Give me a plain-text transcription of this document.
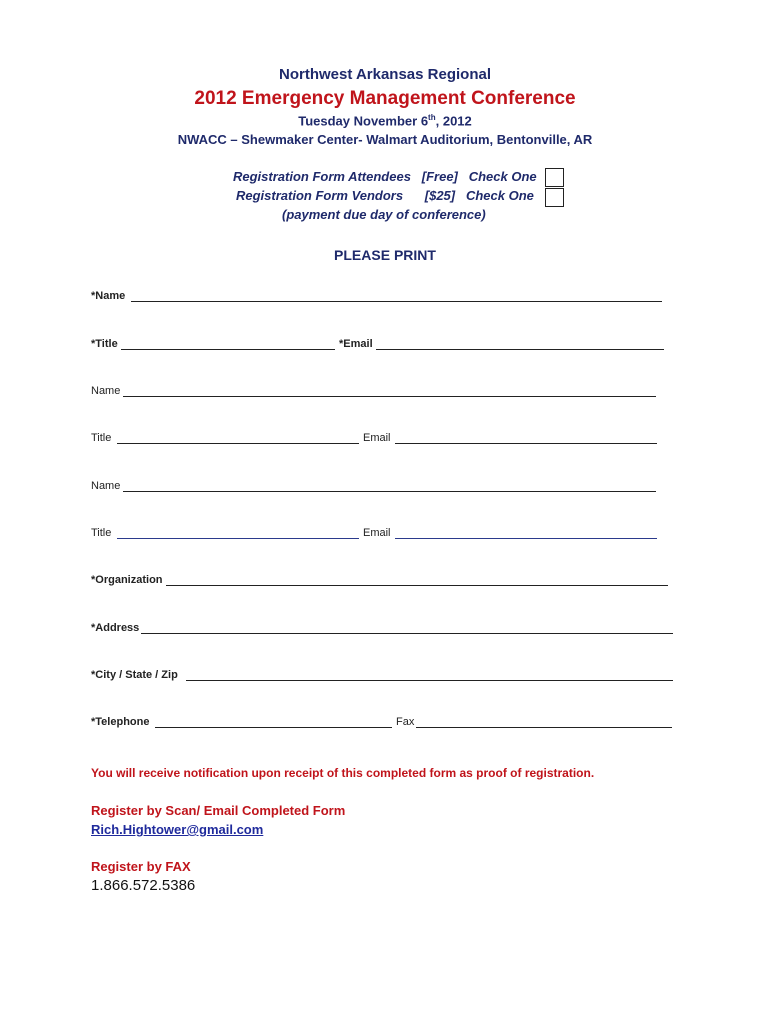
Northwest Arkansas Regional
2012 Emergency Management Conference
Tuesday November 6th, 2012
NWACC – Shewmaker Center- Walmart Auditorium, Bentonville, AR
Registration Form Attendees   [Free]   Check One
Registration Form Vendors      [$25]   Check One
(payment due day of conference)
PLEASE PRINT
*Name
*Title	*Email
Name
Title	Email
Name
Title	Email
*Organization
*Address
*City / State / Zip
*Telephone	Fax
You will receive notification upon receipt of this completed form as proof of registration.
Register by Scan/ Email Completed Form
Rich.Hightower@gmail.com
Register by FAX
1.866.572.5386
